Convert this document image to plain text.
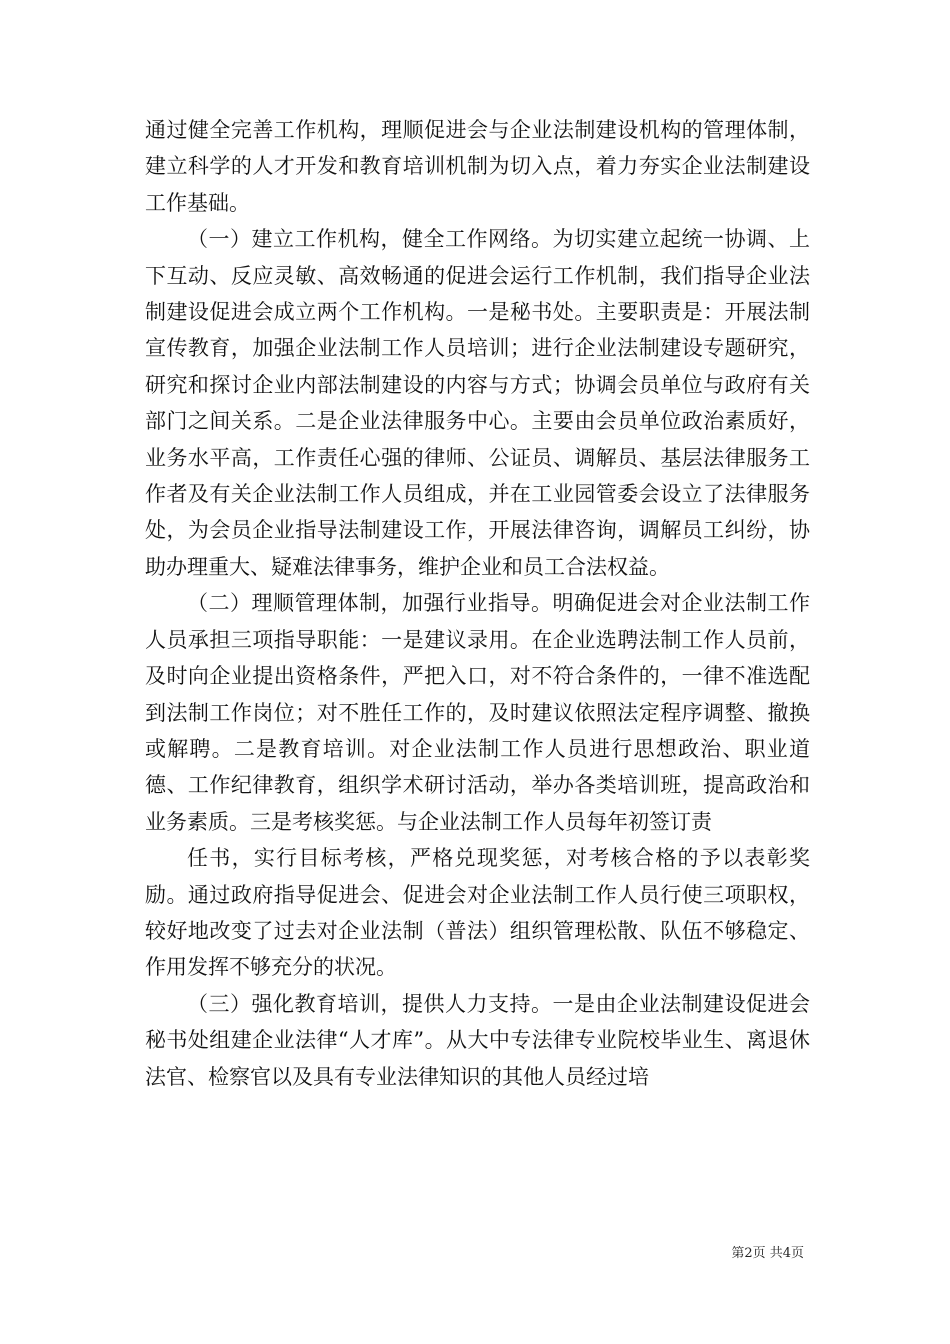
通过健全完善工作机构，理顺促进会与企业法制建设机构的管理体制，建立科学的人才开发和教育培训机制为切入点，着力夯实企业法制建设工作基础。

（一）建立工作机构，健全工作网络。为切实建立起统一协调、上下互动、反应灵敏、高效畅通的促进会运行工作机制，我们指导企业法制建设促进会成立两个工作机构。一是秘书处。主要职责是：开展法制宣传教育，加强企业法制工作人员培训；进行企业法制建设专题研究，研究和探讨企业内部法制建设的内容与方式；协调会员单位与政府有关部门之间关系。二是企业法律服务中心。主要由会员单位政治素质好，业务水平高，工作责任心强的律师、公证员、调解员、基层法律服务工作者及有关企业法制工作人员组成，并在工业园管委会设立了法律服务处，为会员企业指导法制建设工作，开展法律咨询，调解员工纠纷，协助办理重大、疑难法律事务，维护企业和员工合法权益。

（二）理顺管理体制，加强行业指导。明确促进会对企业法制工作人员承担三项指导职能：一是建议录用。在企业选聘法制工作人员前，及时向企业提出资格条件，严把入口，对不符合条件的，一律不准选配到法制工作岗位；对不胜任工作的，及时建议依照法定程序调整、撤换或解聘。二是教育培训。对企业法制工作人员进行思想政治、职业道德、工作纪律教育，组织学术研讨活动，举办各类培训班，提高政治和业务素质。三是考核奖惩。与企业法制工作人员每年初签订责

任书，实行目标考核，严格兑现奖惩，对考核合格的予以表彰奖励。通过政府指导促进会、促进会对企业法制工作人员行使三项职权，较好地改变了过去对企业法制（普法）组织管理松散、队伍不够稳定、作用发挥不够充分的状况。

（三）强化教育培训，提供人力支持。一是由企业法制建设促进会秘书处组建企业法律“人才库”。从大中专法律专业院校毕业生、离退休法官、检察官以及具有专业法律知识的其他人员经过培

第2页 共4页
